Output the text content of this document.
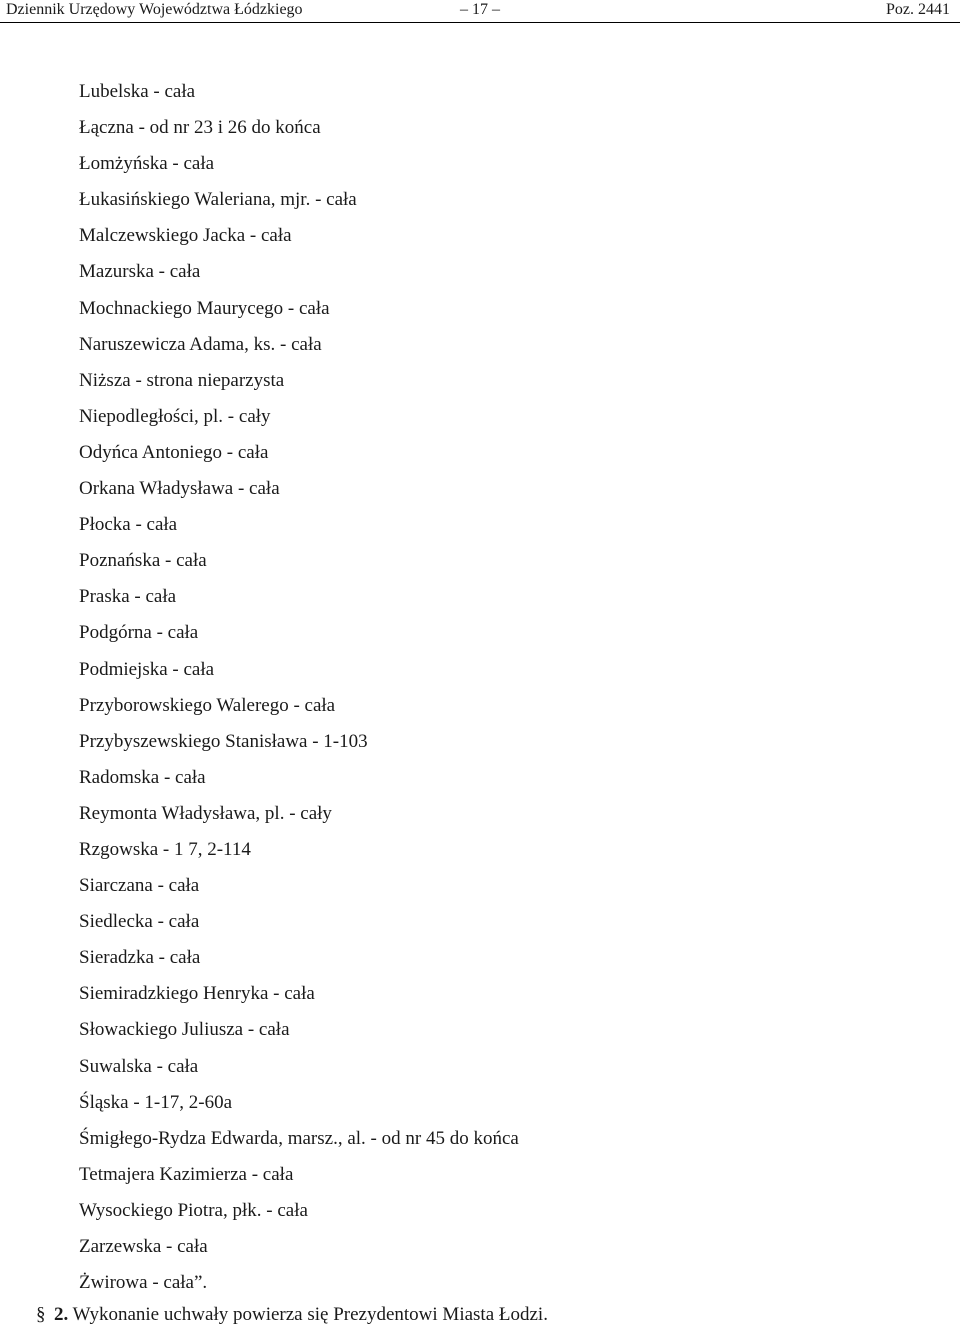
Dziennik Urzędowy Województwa Łódzkiego	– 17 –	Poz. 2441
Lubelska - cała
Łączna - od nr 23 i 26 do końca
Łomżyńska - cała
Łukasińskiego Waleriana, mjr. - cała
Malczewskiego Jacka - cała
Mazurska - cała
Mochnackiego Maurycego - cała
Naruszewicza Adama, ks. - cała
Niższa - strona nieparzysta
Niepodległości, pl. - cały
Odyńca Antoniego - cała
Orkana Władysława - cała
Płocka - cała
Poznańska - cała
Praska - cała
Podgórna - cała
Podmiejska - cała
Przyborowskiego Walerego - cała
Przybyszewskiego Stanisława - 1-103
Radomska - cała
Reymonta Władysława, pl. - cały
Rzgowska - 1 7, 2-114
Siarczana - cała
Siedlecka - cała
Sieradzka - cała
Siemiradzkiego Henryka - cała
Słowackiego Juliusza - cała
Suwalska - cała
Śląska - 1-17, 2-60a
Śmigłego-Rydza Edwarda, marsz., al. - od nr 45 do końca
Tetmajera Kazimierza - cała
Wysockiego Piotra, płk. - cała
Zarzewska - cała
Żwirowa - cała”.
§ 2. Wykonanie uchwały powierza się Prezydentowi Miasta Łodzi.
